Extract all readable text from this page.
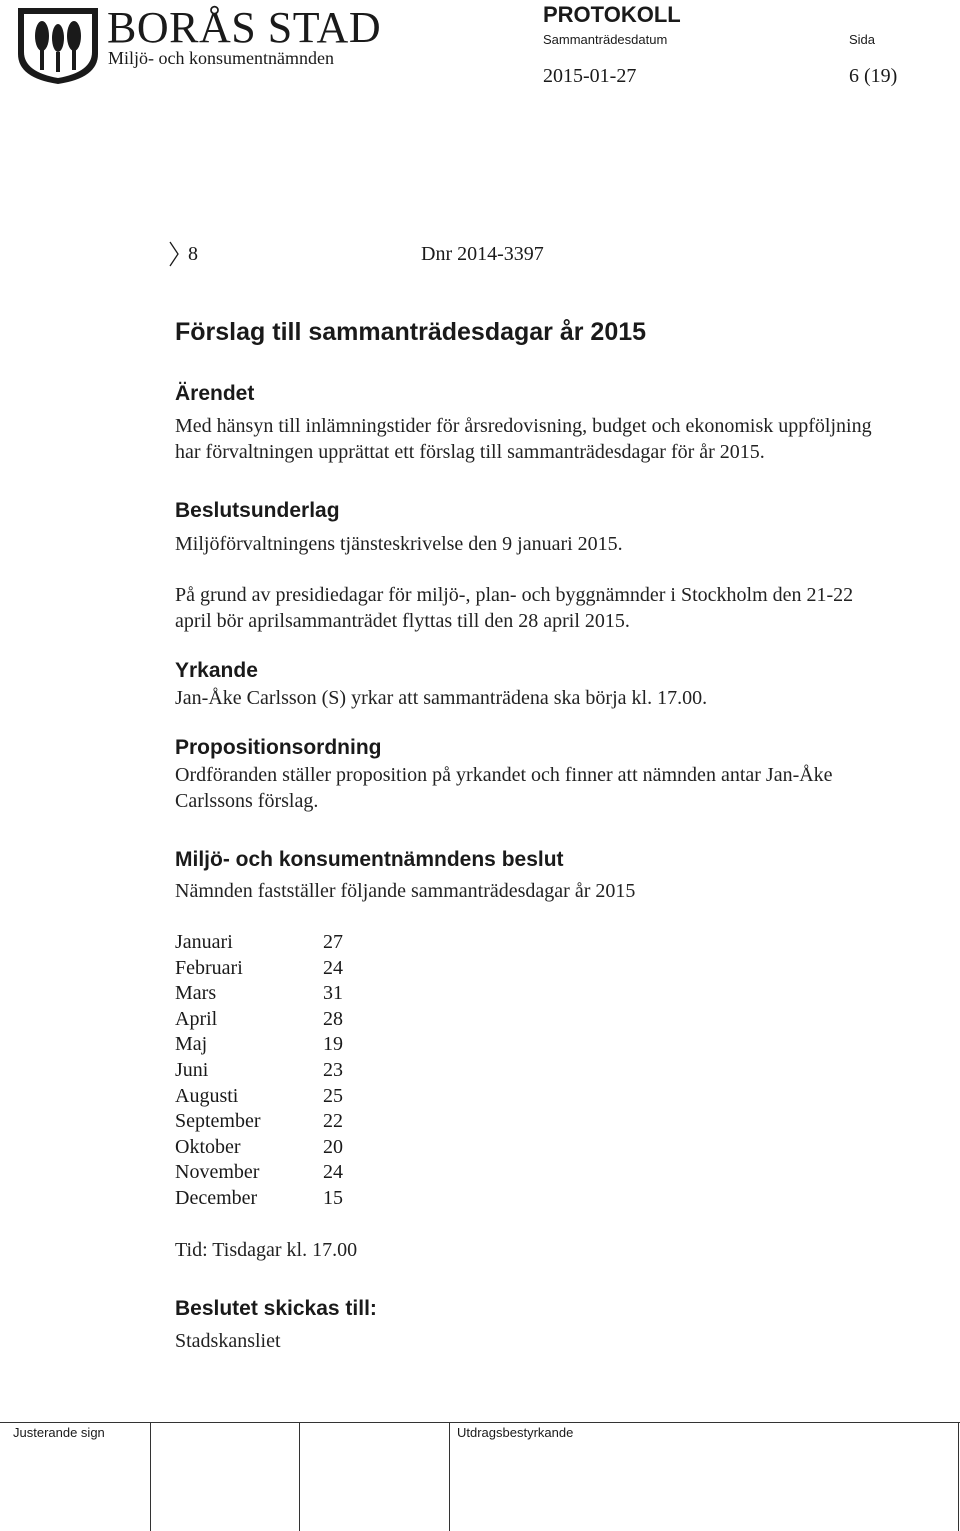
BORÅS STAD
Miljö- och konsumentnämnden
PROTOKOLL
Sammanträdesdatum	Sida
2015-01-27	6 (19)
8	Dnr 2014-3397
Förslag till sammanträdesdagar år 2015
Ärendet
Med hänsyn till inlämningstider för årsredovisning, budget och ekonomisk uppföljning
har förvaltningen upprättat ett förslag till sammanträdesdagar för år 2015.
Beslutsunderlag
Miljöförvaltningens tjänsteskrivelse den 9 januari 2015.
På grund av presidiedagar för miljö-, plan- och byggnämnder i Stockholm den 21-22
april bör aprilsammanträdet flyttas till den 28 april 2015.
Yrkande
Jan-Åke Carlsson (S) yrkar att sammanträdena ska börja kl. 17.00.
Propositionsordning
Ordföranden ställer proposition på yrkandet och finner att nämnden antar Jan-Åke
Carlssons förslag.
Miljö- och konsumentnämndens beslut
Nämnden fastställer följande sammanträdesdagar år 2015
Januari	27
Februari	24
Mars	31
April	28
Maj	19
Juni	23
Augusti	25
September	22
Oktober	20
November	24
December	15
Tid: Tisdagar kl. 17.00
Beslutet skickas till:
Stadskansliet
Justerande sign	Utdragsbestyrkande
